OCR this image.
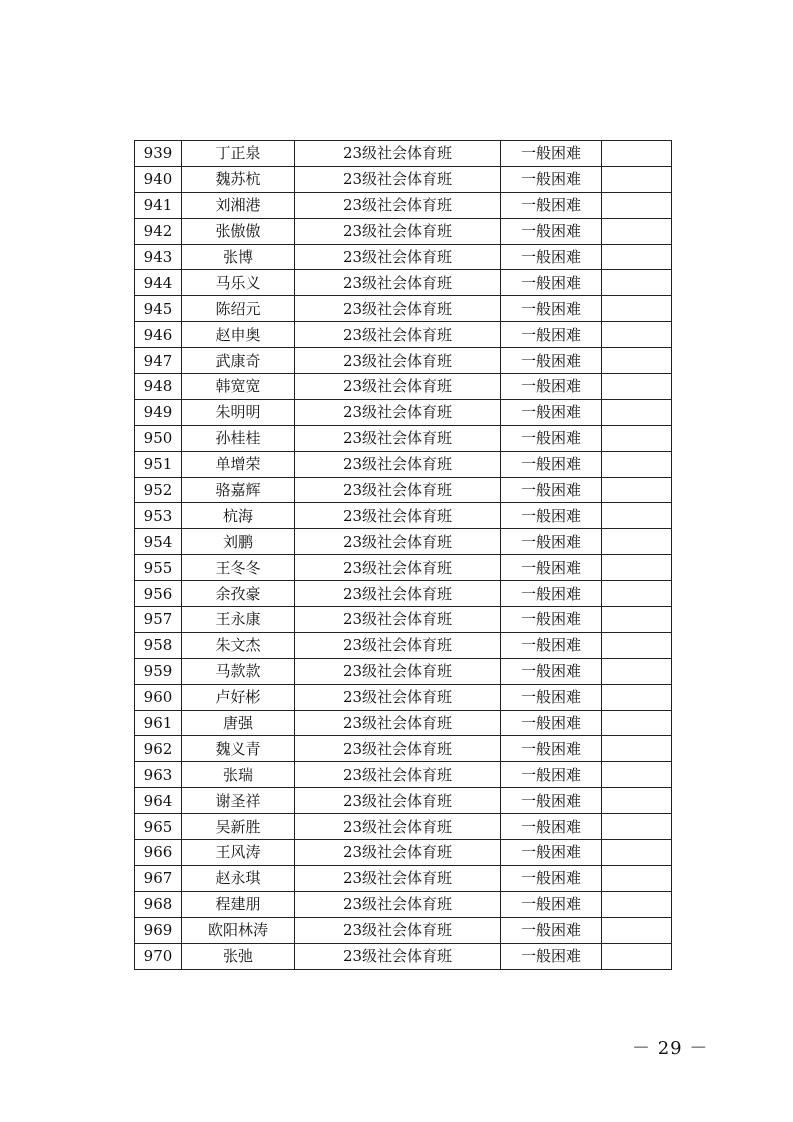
939	丁正泉	23级社会体育班	一般困难	
940	魏苏杭	23级社会体育班	一般困难	
941	刘湘港	23级社会体育班	一般困难	
942	张傲傲	23级社会体育班	一般困难	
943	张博	23级社会体育班	一般困难	
944	马乐义	23级社会体育班	一般困难	
945	陈绍元	23级社会体育班	一般困难	
946	赵申奥	23级社会体育班	一般困难	
947	武康奇	23级社会体育班	一般困难	
948	韩宽宽	23级社会体育班	一般困难	
949	朱明明	23级社会体育班	一般困难	
950	孙桂桂	23级社会体育班	一般困难	
951	单增荣	23级社会体育班	一般困难	
952	骆嘉辉	23级社会体育班	一般困难	
953	杭海	23级社会体育班	一般困难	
954	刘鹏	23级社会体育班	一般困难	
955	王冬冬	23级社会体育班	一般困难	
956	余孜豪	23级社会体育班	一般困难	
957	王永康	23级社会体育班	一般困难	
958	朱文杰	23级社会体育班	一般困难	
959	马款款	23级社会体育班	一般困难	
960	卢好彬	23级社会体育班	一般困难	
961	唐强	23级社会体育班	一般困难	
962	魏义青	23级社会体育班	一般困难	
963	张瑞	23级社会体育班	一般困难	
964	谢圣祥	23级社会体育班	一般困难	
965	吴新胜	23级社会体育班	一般困难	
966	王风涛	23级社会体育班	一般困难	
967	赵永琪	23级社会体育班	一般困难	
968	程建朋	23级社会体育班	一般困难	
969	欧阳林涛	23级社会体育班	一般困难	
970	张弛	23级社会体育班	一般困难	
－ 29 －
